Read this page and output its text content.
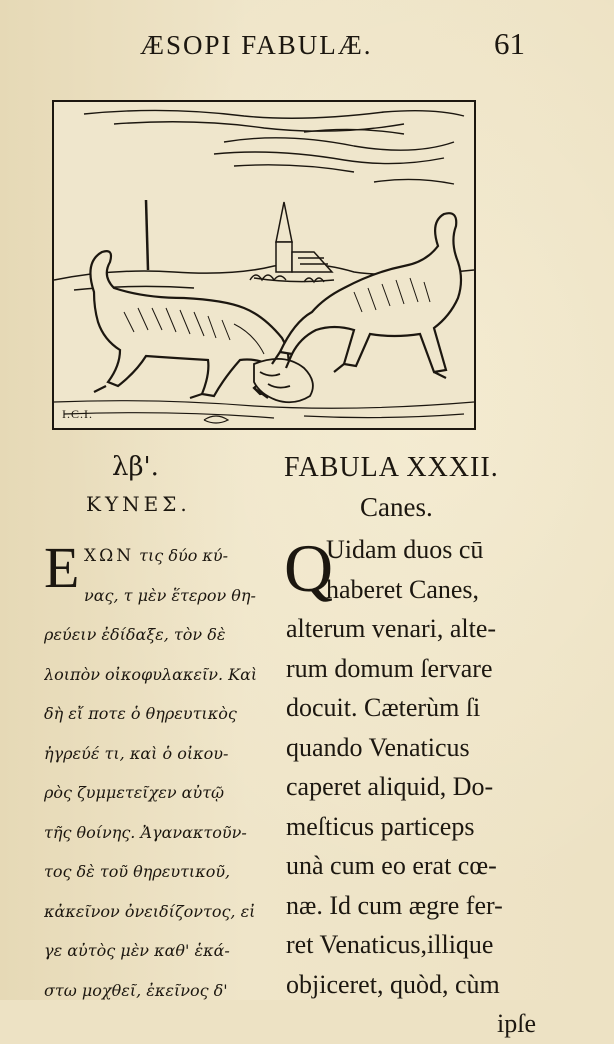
ÆSOPI FABULÆ.	61
I.C.I.
λβ'.
ΚΥΝΕΣ.
E ΧΩΝ τις δύο κύ-
νας, τ μὲν ἕτερον θη-
ρεύειν ἐδίδαξε, τὸν δὲ
λοιπὸν οἰκοφυλακεῖν. Καὶ
δὴ εἴ ποτε ὁ θηρευτικὸς
ἠγρεύέ τι, καὶ ὁ οἰκου-
ρὸς ζυμμετεῖχεν αὐτῷ
τῆς θοίνης. Ἀγανακτοῦν-
τος δὲ τοῦ θηρευτικοῦ,
κἀκεῖνον ὀνειδίζοντος, εἰ
γε αὐτὸς μὲν καθ' ἑκά-
στω μοχθεῖ, ἐκεῖνος δ'
FABULA XXXII.
Canes.
Q
Uidam duos cū
haberet Canes,
alterum venari, alte-
rum domum ſervare
docuit. Cæterùm ſi
quando Venaticus
caperet aliquid, Do-
meſticus particeps
unà cum eo erat cœ-
næ. Id cum ægre fer-
ret Venaticus,illique
objiceret, quòd, cùm
ipſe
